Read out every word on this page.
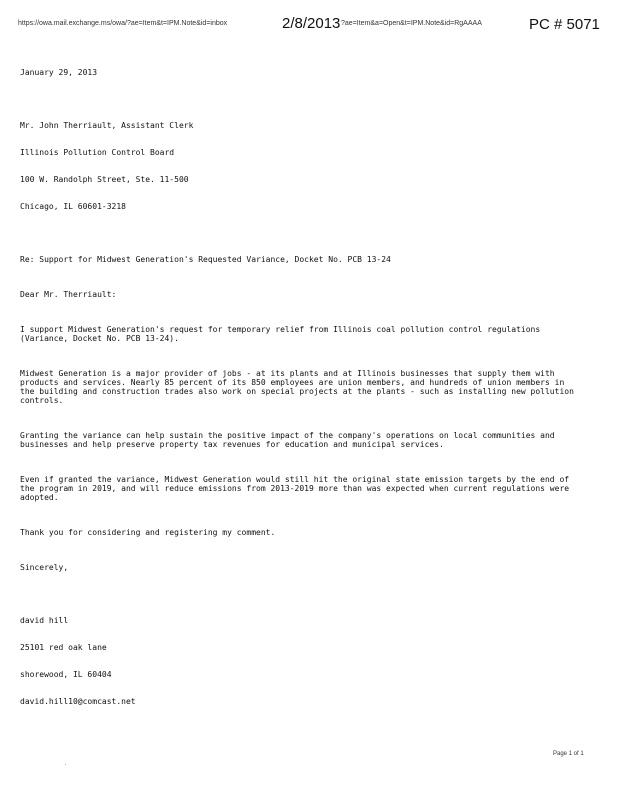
https://owa.mail.exchange.ms/owa/?ae=Item&t=IPM.Note&id=inbox	2/8/2013 ?ae=Item&a=Open&t=IPM.Note&id=RgAAAA	PC # 5071

January 29, 2013

Mr. John Therriault, Assistant Clerk

Illinois Pollution Control Board

100 W. Randolph Street, Ste. 11-500

Chicago, IL 60601-3218

Re: Support for Midwest Generation's Requested Variance, Docket No. PCB 13-24

Dear Mr. Therriault:

I support Midwest Generation's request for temporary relief from Illinois coal pollution control regulations (Variance, Docket No. PCB 13-24).

Midwest Generation is a major provider of jobs - at its plants and at Illinois businesses that supply them with products and services. Nearly 85 percent of its 850 employees are union members, and hundreds of union members in the building and construction trades also work on special projects at the plants - such as installing new pollution controls.

Granting the variance can help sustain the positive impact of the company's operations on local communities and businesses and help preserve property tax revenues for education and municipal services.

Even if granted the variance, Midwest Generation would still hit the original state emission targets by the end of the program in 2019, and will reduce emissions from 2013-2019 more than was expected when current regulations were adopted.

Thank you for considering and registering my comment.

Sincerely,

david hill

25101 red oak lane

shorewood, IL 60404

david.hill10@comcast.net

Page 1 of 1
.
